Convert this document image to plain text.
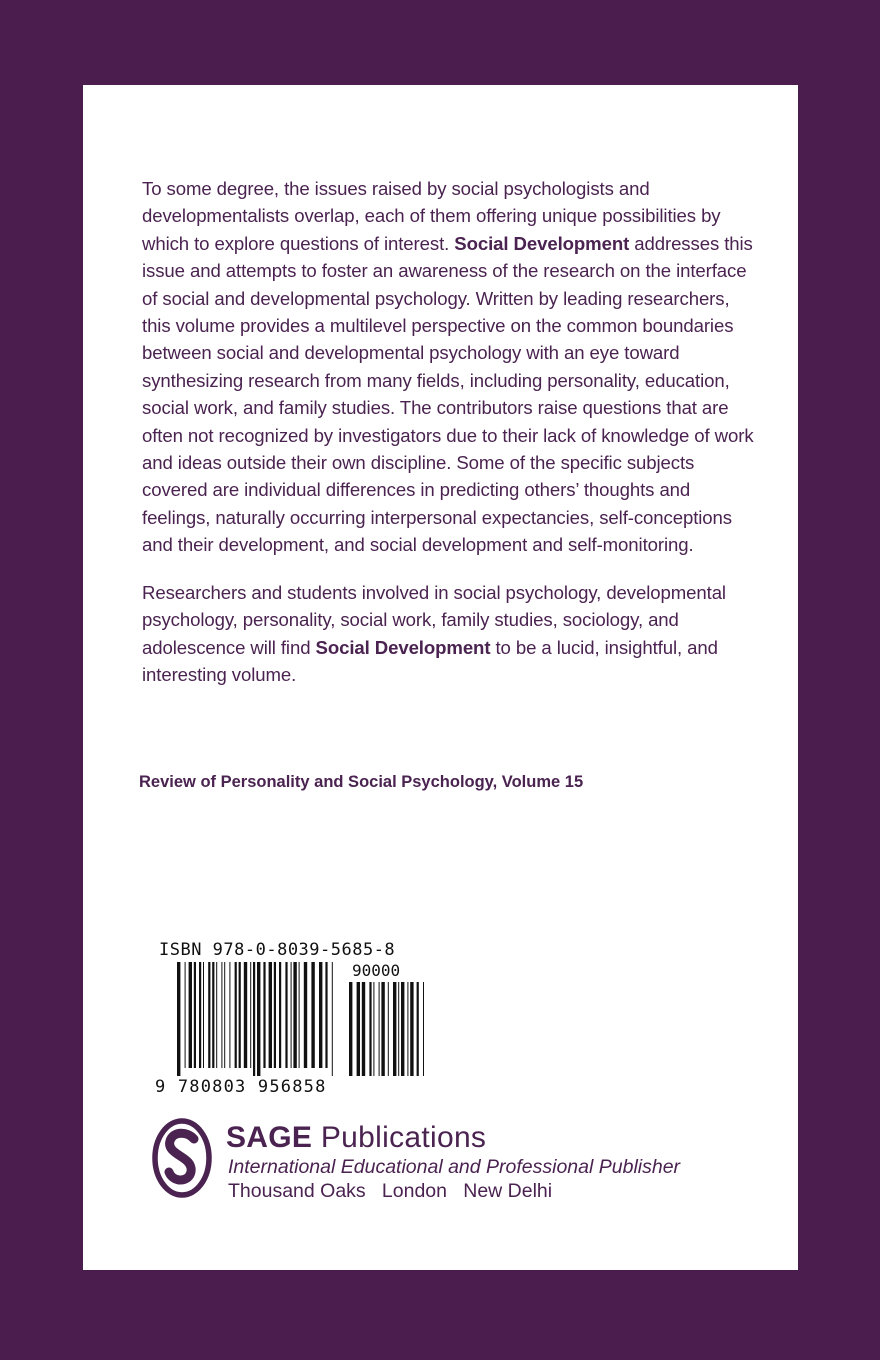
To some degree, the issues raised by social psychologists and developmentalists overlap, each of them offering unique possibilities by which to explore questions of interest. Social Development addresses this issue and attempts to foster an awareness of the research on the interface of social and developmental psychology. Written by leading researchers, this volume provides a multilevel perspective on the common boundaries between social and developmental psychology with an eye toward synthesizing research from many fields, including personality, education, social work, and family studies. The contributors raise questions that are often not recognized by investigators due to their lack of knowledge of work and ideas outside their own discipline. Some of the specific subjects covered are individual differences in predicting others’ thoughts and feelings, naturally occurring interpersonal expectancies, self-conceptions and their development, and social development and self-monitoring.

Researchers and students involved in social psychology, developmental psychology, personality, social work, family studies, sociology, and adolescence will find Social Development to be a lucid, insightful, and interesting volume.

Review of Personality and Social Psychology, Volume 15
ISBN 978-0-8039-5685-8
90000
9 780803 956858
SAGE Publications
International Educational and Professional Publisher
Thousand Oaks   London   New Delhi
